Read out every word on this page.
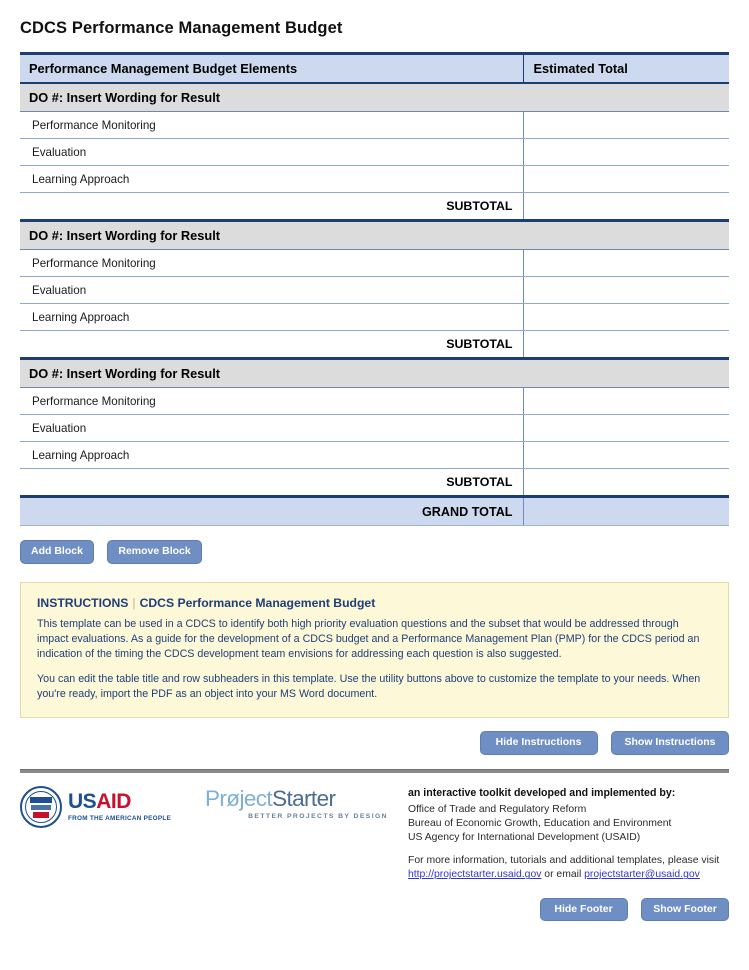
CDCS Performance Management Budget
Performance Management Budget Elements	Estimated Total
DO #: Insert Wording for Result	
Performance Monitoring	
Evaluation	
Learning Approach	
SUBTOTAL	
DO #: Insert Wording for Result	
Performance Monitoring	
Evaluation	
Learning Approach	
SUBTOTAL	
DO #: Insert Wording for Result	
Performance Monitoring	
Evaluation	
Learning Approach	
SUBTOTAL	
GRAND TOTAL	
Add Block	Remove Block
INSTRUCTIONS | CDCS Performance Management Budget

This template can be used in a CDCS to identify both high priority evaluation questions and the subset that would be addressed through impact evaluations. As a guide for the development of a CDCS budget and a Performance Management Plan (PMP) for the CDCS period an indication of the timing the CDCS development team envisions for addressing each question is also suggested.

You can edit the table title and row subheaders in this template. Use the utility buttons above to customize the template to your needs. When you're ready, import the PDF as an object into your MS Word document.

Hide Instructions	Show Instructions
USAID
FROM THE AMERICAN PEOPLE
PrøjectStarter
BETTER PROJECTS BY DESIGN
an interactive toolkit developed and implemented by:
Office of Trade and Regulatory Reform
Bureau of Economic Growth, Education and Environment
US Agency for International Development (USAID)
For more information, tutorials and additional templates, please visit http://projectstarter.usaid.gov or email projectstarter@usaid.gov
Hide Footer	Show Footer
